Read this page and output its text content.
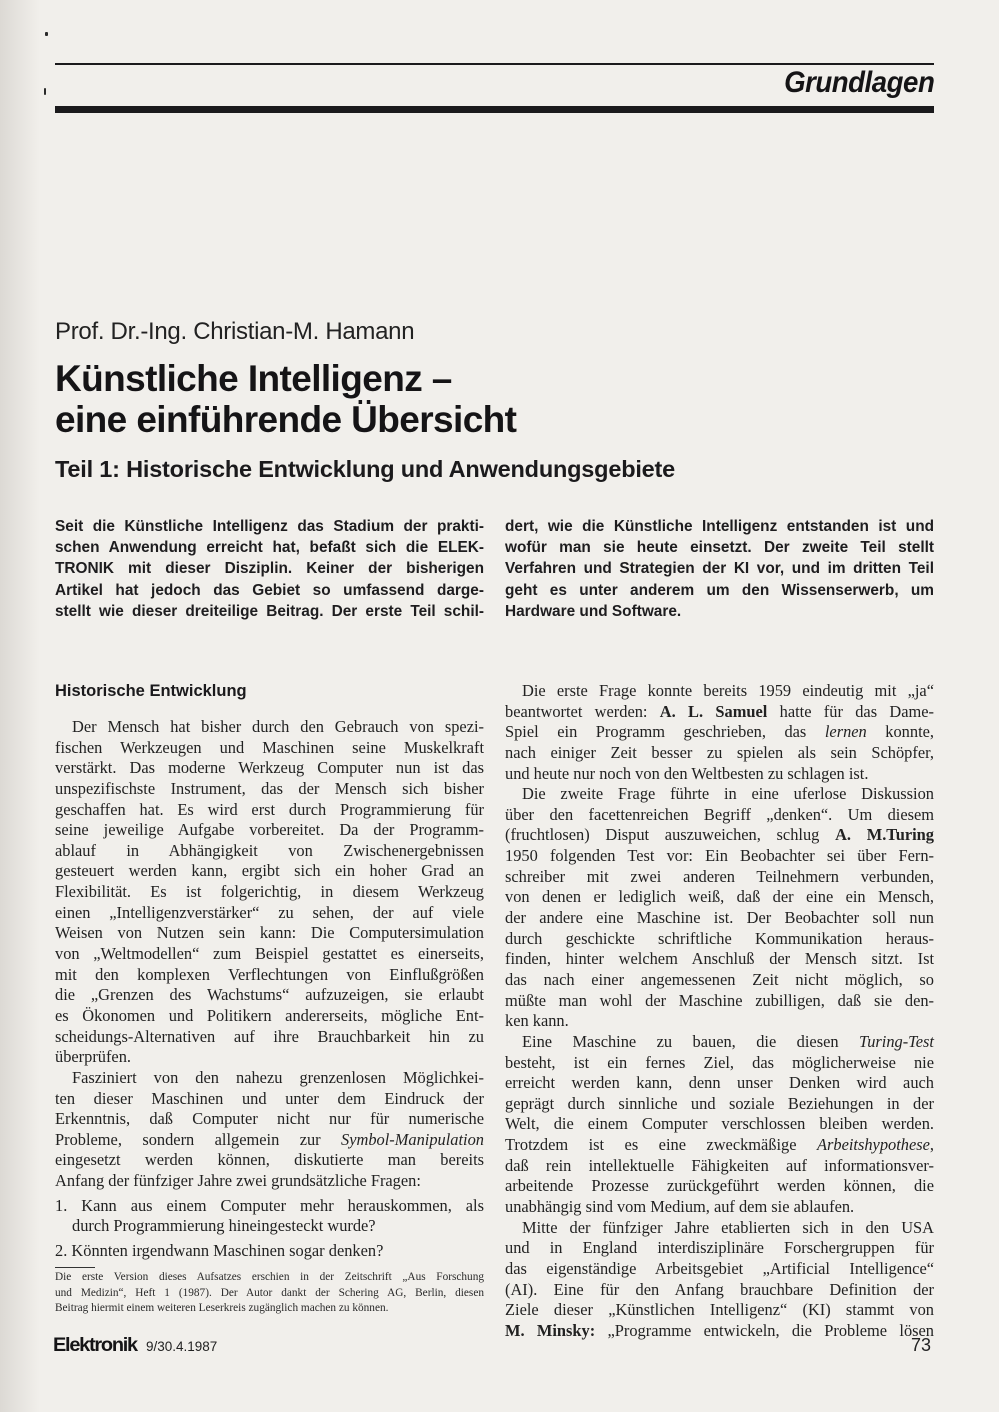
Grundlagen
Prof. Dr.-Ing. Christian-M. Hamann
Künstliche Intelligenz –
eine einführende Übersicht
Teil 1: Historische Entwicklung und Anwendungsgebiete
Seit die Künstliche Intelligenz das Stadium der prakti-
schen Anwendung erreicht hat, befaßt sich die ELEK-
TRONIK mit dieser Disziplin. Keiner der bisherigen
Artikel hat jedoch das Gebiet so umfassend darge-
stellt wie dieser dreiteilige Beitrag. Der erste Teil schil-
dert, wie die Künstliche Intelligenz entstanden ist und
wofür man sie heute einsetzt. Der zweite Teil stellt
Verfahren und Strategien der KI vor, und im dritten Teil
geht es unter anderem um den Wissenserwerb, um
Hardware und Software.
Historische Entwicklung
Der Mensch hat bisher durch den Gebrauch von spezi-
fischen Werkzeugen und Maschinen seine Muskelkraft
verstärkt. Das moderne Werkzeug Computer nun ist das
unspezifischste Instrument, das der Mensch sich bisher
geschaffen hat. Es wird erst durch Programmierung für
seine jeweilige Aufgabe vorbereitet. Da der Programm-
ablauf in Abhängigkeit von Zwischenergebnissen
gesteuert werden kann, ergibt sich ein hoher Grad an
Flexibilität. Es ist folgerichtig, in diesem Werkzeug
einen „Intelligenzverstärker“ zu sehen, der auf viele
Weisen von Nutzen sein kann: Die Computersimulation
von „Weltmodellen“ zum Beispiel gestattet es einerseits,
mit den komplexen Verflechtungen von Einflußgrößen
die „Grenzen des Wachstums“ aufzuzeigen, sie erlaubt
es Ökonomen und Politikern andererseits, mögliche Ent-
scheidungs-Alternativen auf ihre Brauchbarkeit hin zu
überprüfen.
Fasziniert von den nahezu grenzenlosen Möglichkei-
ten dieser Maschinen und unter dem Eindruck der
Erkenntnis, daß Computer nicht nur für numerische
Probleme, sondern allgemein zur Symbol-Manipulation
eingesetzt werden können, diskutierte man bereits
Anfang der fünfziger Jahre zwei grundsätzliche Fragen:
1. Kann aus einem Computer mehr herauskommen, als
durch Programmierung hineingesteckt wurde?
2. Könnten irgendwann Maschinen sogar denken?
Die erste Version dieses Aufsatzes erschien in der Zeitschrift „Aus Forschung
und Medizin“, Heft 1 (1987). Der Autor dankt der Schering AG, Berlin, diesen
Beitrag hiermit einem weiteren Leserkreis zugänglich machen zu können.
Die erste Frage konnte bereits 1959 eindeutig mit „ja“
beantwortet werden: A. L. Samuel hatte für das Dame-
Spiel ein Programm geschrieben, das lernen konnte,
nach einiger Zeit besser zu spielen als sein Schöpfer,
und heute nur noch von den Weltbesten zu schlagen ist.
Die zweite Frage führte in eine uferlose Diskussion
über den facettenreichen Begriff „denken“. Um diesem
(fruchtlosen) Disput auszuweichen, schlug A. M.Turing
1950 folgenden Test vor: Ein Beobachter sei über Fern-
schreiber mit zwei anderen Teilnehmern verbunden,
von denen er lediglich weiß, daß der eine ein Mensch,
der andere eine Maschine ist. Der Beobachter soll nun
durch geschickte schriftliche Kommunikation heraus-
finden, hinter welchem Anschluß der Mensch sitzt. Ist
das nach einer angemessenen Zeit nicht möglich, so
müßte man wohl der Maschine zubilligen, daß sie den-
ken kann.
Eine Maschine zu bauen, die diesen Turing-Test
besteht, ist ein fernes Ziel, das möglicherweise nie
erreicht werden kann, denn unser Denken wird auch
geprägt durch sinnliche und soziale Beziehungen in der
Welt, die einem Computer verschlossen bleiben werden.
Trotzdem ist es eine zweckmäßige Arbeitshypothese,
daß rein intellektuelle Fähigkeiten auf informationsver-
arbeitende Prozesse zurückgeführt werden können, die
unabhängig sind vom Medium, auf dem sie ablaufen.
Mitte der fünfziger Jahre etablierten sich in den USA
und in England interdisziplinäre Forschergruppen für
das eigenständige Arbeitsgebiet „Artificial Intelligence“
(AI). Eine für den Anfang brauchbare Definition der
Ziele dieser „Künstlichen Intelligenz“ (KI) stammt von
M. Minsky: „Programme entwickeln, die Probleme lösen
Elektronik 9/30.4.1987	73
